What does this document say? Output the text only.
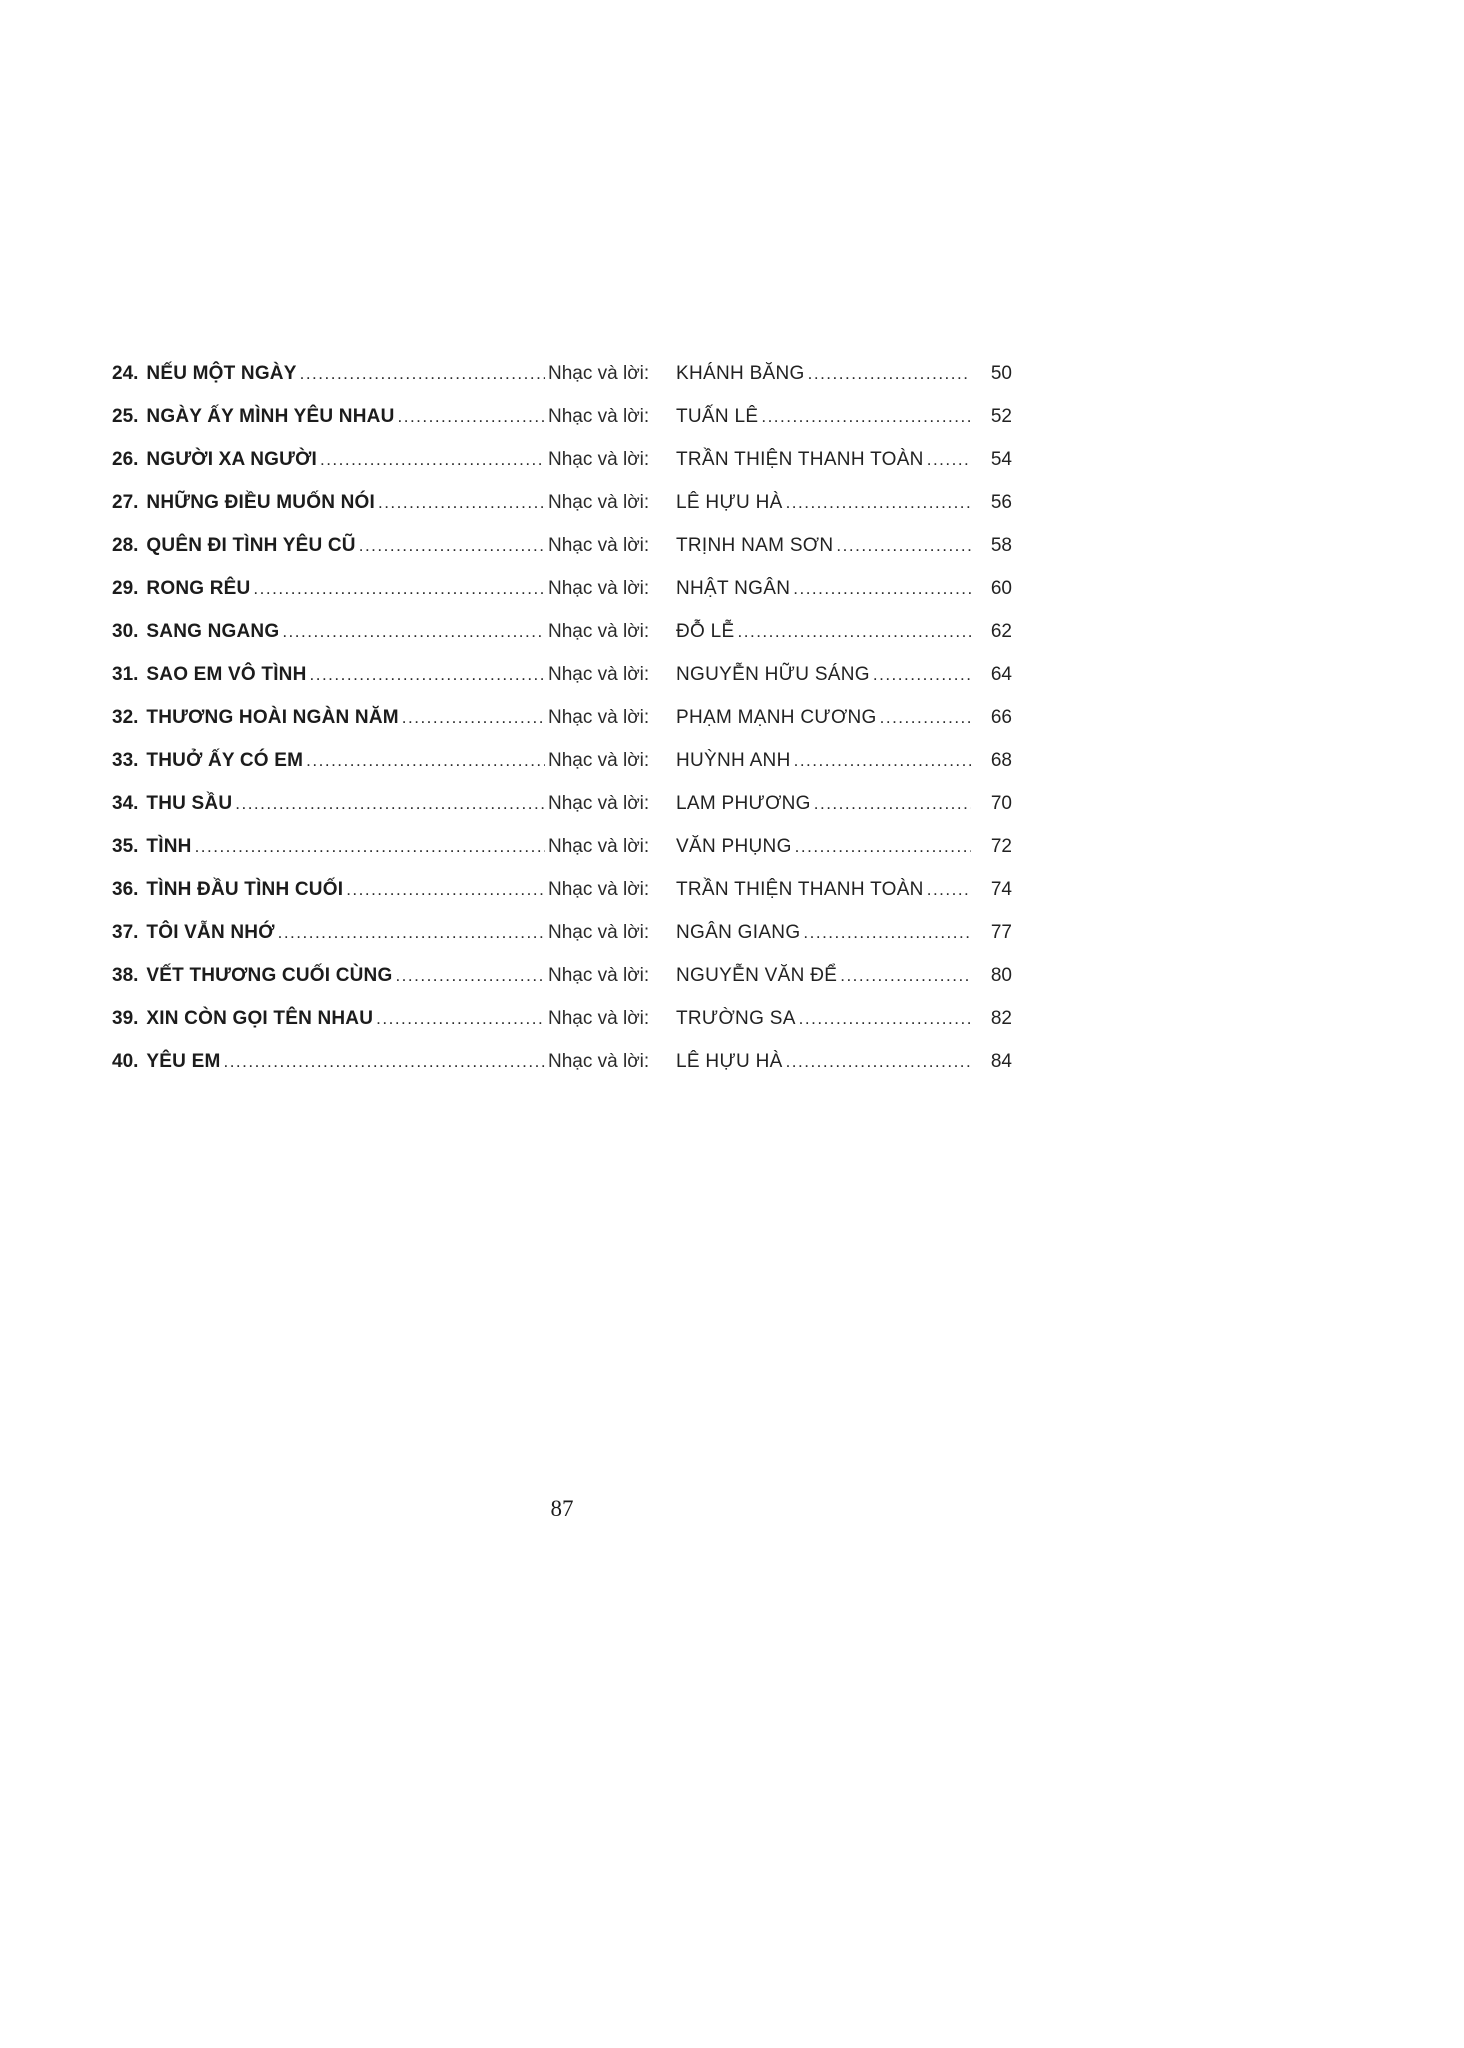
24. NẾU MỘT NGÀY .....	Nhạc và lời:	KHÁNH BĂNG .....	50
25. NGÀY ẤY MÌNH YÊU NHAU .....	Nhạc và lời:	TUẤN LÊ .....	52
26. NGƯỜI XA NGƯỜI .....	Nhạc và lời:	TRẦN THIỆN THANH TOÀN .....	54
27. NHỮNG ĐIỀU MUỐN NÓI .....	Nhạc và lời:	LÊ HỰU HÀ .....	56
28. QUÊN ĐI TÌNH YÊU CŨ .....	Nhạc và lời:	TRỊNH NAM SƠN .....	58
29. RONG RÊU .....	Nhạc và lời:	NHẬT NGÂN .....	60
30. SANG NGANG .....	Nhạc và lời:	ĐỖ LỄ .....	62
31. SAO EM VÔ TÌNH .....	Nhạc và lời:	NGUYỄN HỮU SÁNG .....	64
32. THƯƠNG HOÀI NGÀN NĂM .....	Nhạc và lời:	PHẠM MẠNH CƯƠNG .....	66
33. THUỞ ẤY CÓ EM .....	Nhạc và lời:	HUỲNH ANH .....	68
34. THU SẦU .....	Nhạc và lời:	LAM PHƯƠNG .....	70
35. TÌNH .....	Nhạc và lời:	VĂN PHỤNG .....	72
36. TÌNH ĐẦU TÌNH CUỐI .....	Nhạc và lời:	TRẦN THIỆN THANH TOÀN .....	74
37. TÔI VẪN NHỚ .....	Nhạc và lời:	NGÂN GIANG .....	77
38. VẾT THƯƠNG CUỐI CÙNG .....	Nhạc và lời:	NGUYỄN VĂN ĐỂ .....	80
39. XIN CÒN GỌI TÊN NHAU .....	Nhạc và lời:	TRƯỜNG SA .....	82
40. YÊU EM .....	Nhạc và lời:	LÊ HỰU HÀ .....	84
87
